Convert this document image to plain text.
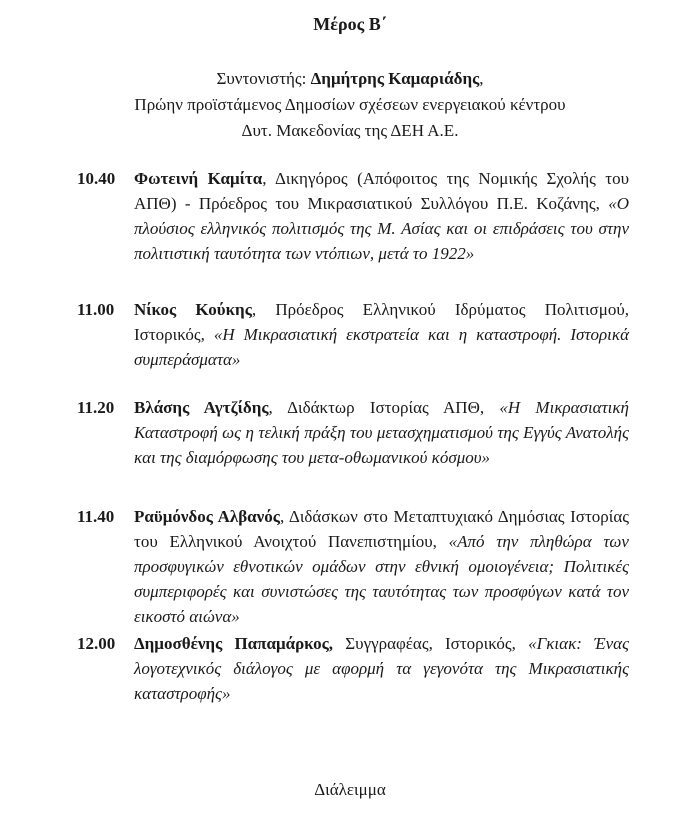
Μέρος Β΄
Συντονιστής: Δημήτρης Καμαριάδης,
Πρώην προϊστάμενος Δημοσίων σχέσεων ενεργειακού κέντρου
Δυτ. Μακεδονίας της ΔΕΗ Α.Ε.
10.40 Φωτεινή Καμίτα, Δικηγόρος (Απόφοιτος της Νομικής Σχολής του ΑΠΘ) - Πρόεδρος του Μικρασιατικού Συλλόγου Π.Ε. Κοζάνης, «Ο πλούσιος ελληνικός πολιτισμός της Μ. Ασίας και οι επιδράσεις του στην πολιτιστική ταυτότητα των ντόπιων, μετά το 1922»
11.00 Νίκος Κούκης, Πρόεδρος Ελληνικού Ιδρύματος Πολιτισμού, Ιστορικός, «Η Μικρασιατική εκστρατεία και η καταστροφή. Ιστορικά συμπεράσματα»
11.20 Βλάσης Αγτζίδης, Διδάκτωρ Ιστορίας ΑΠΘ, «Η Μικρασιατική Καταστροφή ως η τελική πράξη του μετασχηματισμού της Εγγύς Ανατολής και της διαμόρφωσης του μετα-οθωμανικού κόσμου»
11.40 Ραϋμόνδος Αλβανός, Διδάσκων στο Μεταπτυχιακό Δημόσιας Ιστορίας του Ελληνικού Ανοιχτού Πανεπιστημίου, «Από την πληθώρα των προσφυγικών εθνοτικών ομάδων στην εθνική ομοιογένεια; Πολιτικές συμπεριφορές και συνιστώσες της ταυτότητας των προσφύγων κατά τον εικοστό αιώνα»
12.00 Δημοσθένης Παπαμάρκος, Συγγραφέας, Ιστορικός, «Γκιακ: Ένας λογοτεχνικός διάλογος με αφορμή τα γεγονότα της Μικρασιατικής καταστροφής»
Διάλειμμα
